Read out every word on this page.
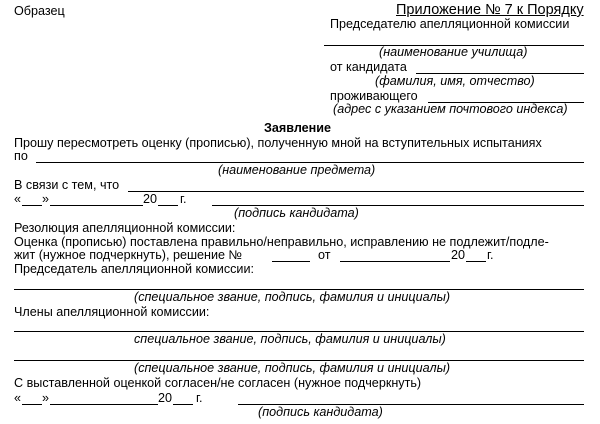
Образец	Приложение № 7 к Порядку
Председателю апелляционной комиссии
(наименование училища)
от кандидата
(фамилия, имя, отчество)
проживающего
(адрес с указанием почтового индекса)
Заявление
Прошу пересмотреть оценку (прописью), полученную мной на вступительных испытаниях
по
(наименование предмета)
В связи с тем, что
« »	20 г.
(подпись кандидата)
Резолюция апелляционной комиссии:
Оценка (прописью) поставлена правильно/неправильно, исправлению не подлежит/подле-
жит (нужное подчеркнуть), решение №	от	20 г.
Председатель апелляционной комиссии:
(специальное звание, подпись, фамилия и инициалы)
Члены апелляционной комиссии:
специальное звание, подпись, фамилия и инициалы)
(специальное звание, подпись, фамилия и инициалы)
С выставленной оценкой согласен/не согласен (нужное подчеркнуть)
« »	20 г.
(подпись кандидата)
